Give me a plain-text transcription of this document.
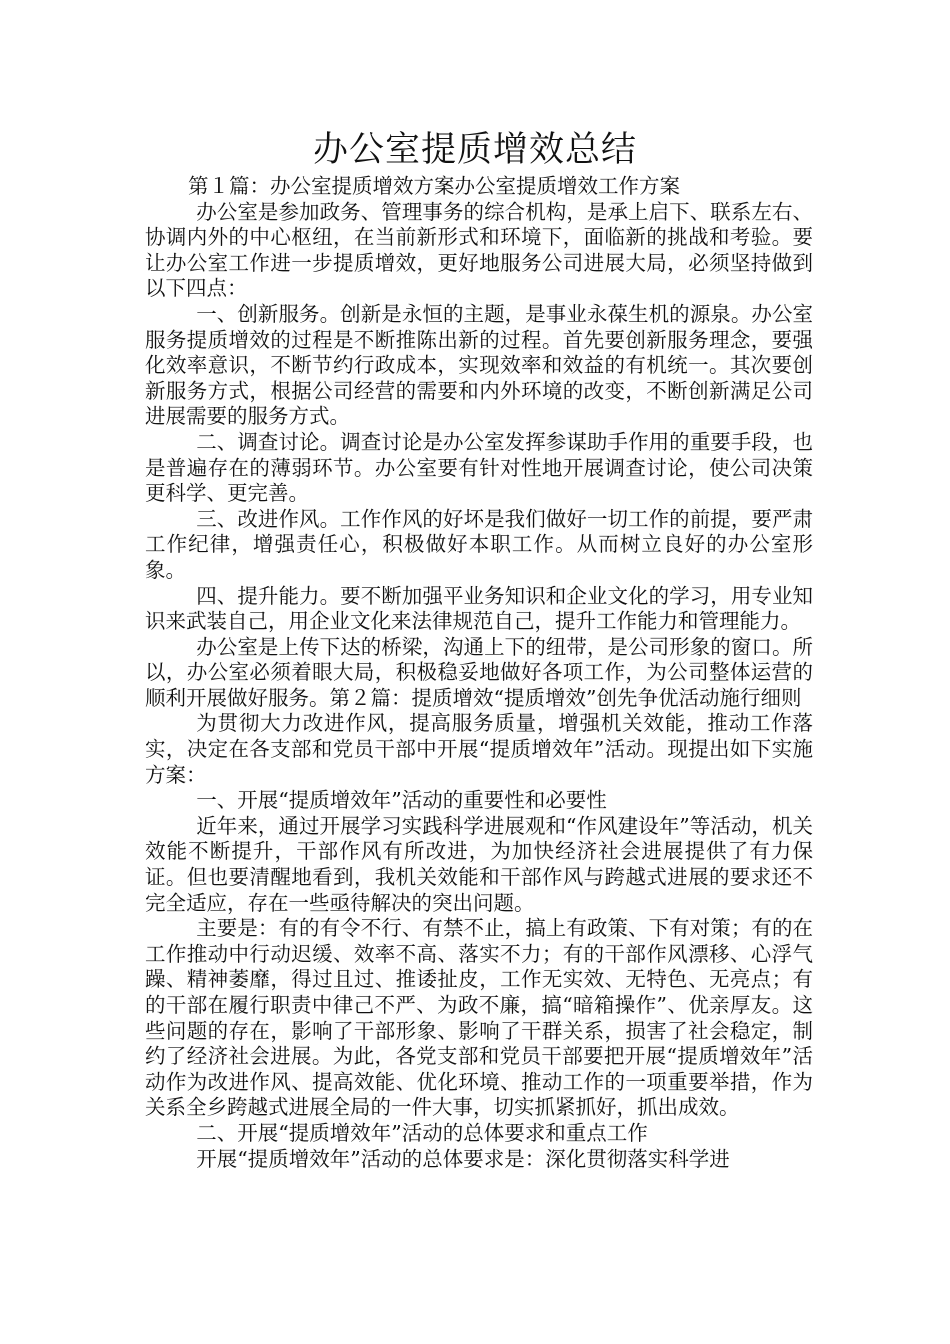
办公室提质增效总结

第１篇：办公室提质增效方案办公室提质增效工作方案

办公室是参加政务、管理事务的综合机构，是承上启下、联系左右、协调内外的中心枢纽，在当前新形式和环境下，面临新的挑战和考验。要让办公室工作进一步提质增效，更好地服务公司进展大局，必须坚持做到以下四点：

一、创新服务。创新是永恒的主题，是事业永葆生机的源泉。办公室服务提质增效的过程是不断推陈出新的过程。首先要创新服务理念，要强化效率意识，不断节约行政成本，实现效率和效益的有机统一。其次要创新服务方式，根据公司经营的需要和内外环境的改变，不断创新满足公司进展需要的服务方式。

二、调查讨论。调查讨论是办公室发挥参谋助手作用的重要手段，也是普遍存在的薄弱环节。办公室要有针对性地开展调查讨论，使公司决策更科学、更完善。

三、改进作风。工作作风的好坏是我们做好一切工作的前提，要严肃工作纪律，增强责任心，积极做好本职工作。从而树立良好的办公室形象。

四、提升能力。要不断加强平业务知识和企业文化的学习，用专业知识来武装自己，用企业文化来法律规范自己，提升工作能力和管理能力。

办公室是上传下达的桥梁，沟通上下的纽带，是公司形象的窗口。所以，办公室必须着眼大局，积极稳妥地做好各项工作，为公司整体运营的顺利开展做好服务。第２篇：提质增效“提质增效”创先争优活动施行细则

为贯彻大力改进作风，提高服务质量，增强机关效能，推动工作落实，决定在各支部和党员干部中开展“提质增效年”活动。现提出如下实施方案：

一、开展“提质增效年”活动的重要性和必要性

近年来，通过开展学习实践科学进展观和“作风建设年”等活动，机关效能不断提升，干部作风有所改进，为加快经济社会进展提供了有力保证。但也要清醒地看到，我机关效能和干部作风与跨越式进展的要求还不完全适应，存在一些亟待解决的突出问题。

主要是：有的有令不行、有禁不止，搞上有政策、下有对策；有的在工作推动中行动迟缓、效率不高、落实不力；有的干部作风漂移、心浮气躁、精神萎靡，得过且过、推诿扯皮，工作无实效、无特色、无亮点；有的干部在履行职责中律己不严、为政不廉，搞“暗箱操作”、优亲厚友。这些问题的存在，影响了干部形象、影响了干群关系，损害了社会稳定，制约了经济社会进展。为此，各党支部和党员干部要把开展“提质增效年”活动作为改进作风、提高效能、优化环境、推动工作的一项重要举措，作为关系全乡跨越式进展全局的一件大事，切实抓紧抓好，抓出成效。

二、开展“提质增效年”活动的总体要求和重点工作

开展“提质增效年”活动的总体要求是：深化贯彻落实科学进
